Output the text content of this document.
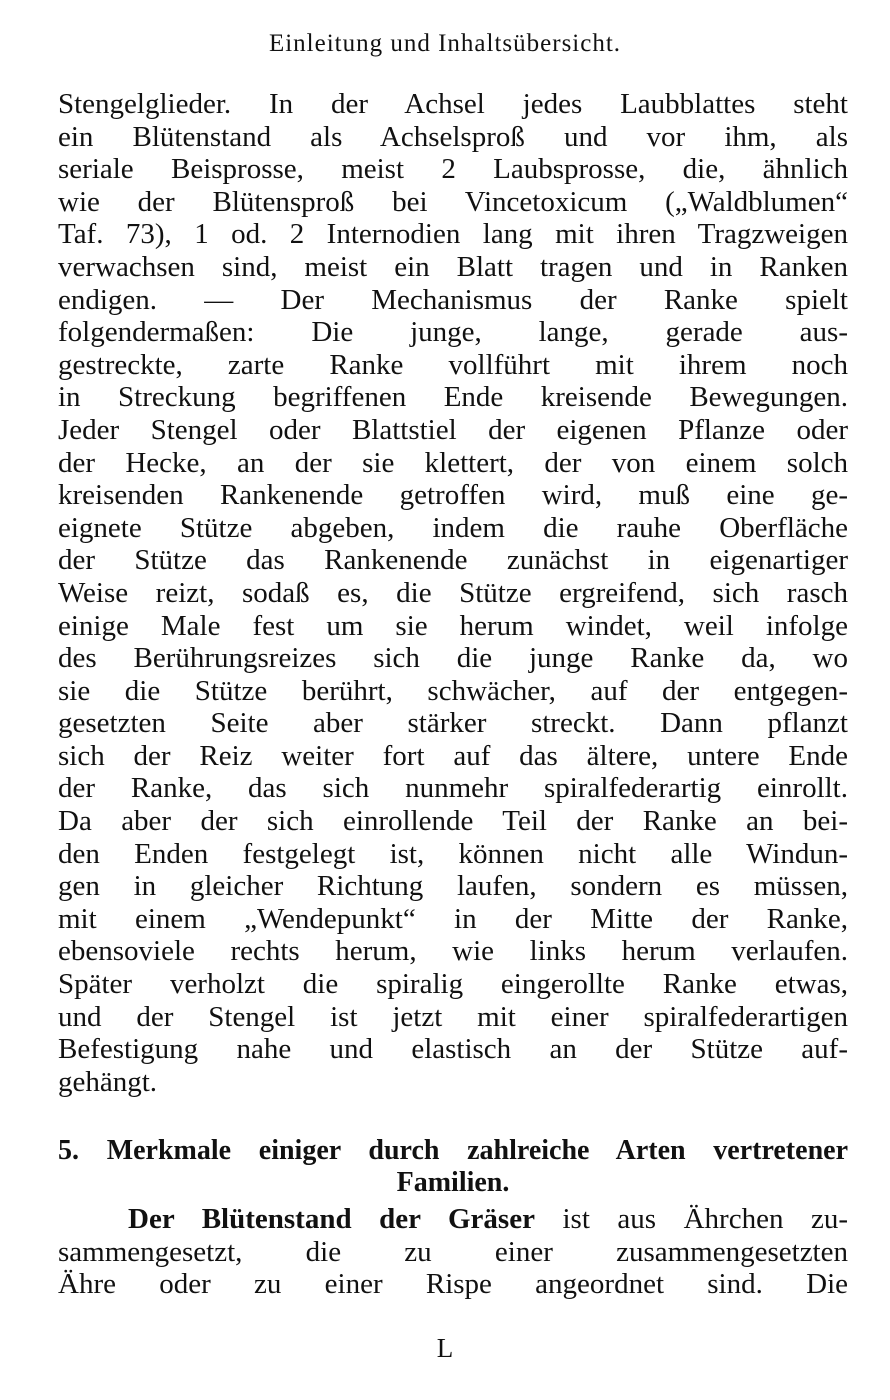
Einleitung und Inhaltsübersicht.
Stengelglieder. In der Achsel jedes Laubblattes steht
ein Blütenstand als Achselsproß und vor ihm, als
seriale Beisprosse, meist 2 Laubsprosse, die, ähnlich
wie der Blütensproß bei Vincetoxicum („Waldblumen“
Taf. 73), 1 od. 2 Internodien lang mit ihren Tragzweigen
verwachsen sind, meist ein Blatt tragen und in Ranken
endigen. — Der Mechanismus der Ranke spielt
folgendermaßen: Die junge, lange, gerade aus-
gestreckte, zarte Ranke vollführt mit ihrem noch
in Streckung begriffenen Ende kreisende Bewegungen.
Jeder Stengel oder Blattstiel der eigenen Pflanze oder
der Hecke, an der sie klettert, der von einem solch
kreisenden Rankenende getroffen wird, muß eine ge-
eignete Stütze abgeben, indem die rauhe Oberfläche
der Stütze das Rankenende zunächst in eigenartiger
Weise reizt, sodaß es, die Stütze ergreifend, sich rasch
einige Male fest um sie herum windet, weil infolge
des Berührungsreizes sich die junge Ranke da, wo
sie die Stütze berührt, schwächer, auf der entgegen-
gesetzten Seite aber stärker streckt. Dann pflanzt
sich der Reiz weiter fort auf das ältere, untere Ende
der Ranke, das sich nunmehr spiralfederartig einrollt.
Da aber der sich einrollende Teil der Ranke an bei-
den Enden festgelegt ist, können nicht alle Windun-
gen in gleicher Richtung laufen, sondern es müssen,
mit einem „Wendepunkt“ in der Mitte der Ranke,
ebensoviele rechts herum, wie links herum verlaufen.
Später verholzt die spiralig eingerollte Ranke etwas,
und der Stengel ist jetzt mit einer spiralfederartigen
Befestigung nahe und elastisch an der Stütze auf-
gehängt.
5. Merkmale einiger durch zahlreiche Arten vertretener
Familien.
Der Blütenstand der Gräser ist aus Ährchen zu-
sammengesetzt, die zu einer zusammengesetzten
Ähre oder zu einer Rispe angeordnet sind. Die
L
